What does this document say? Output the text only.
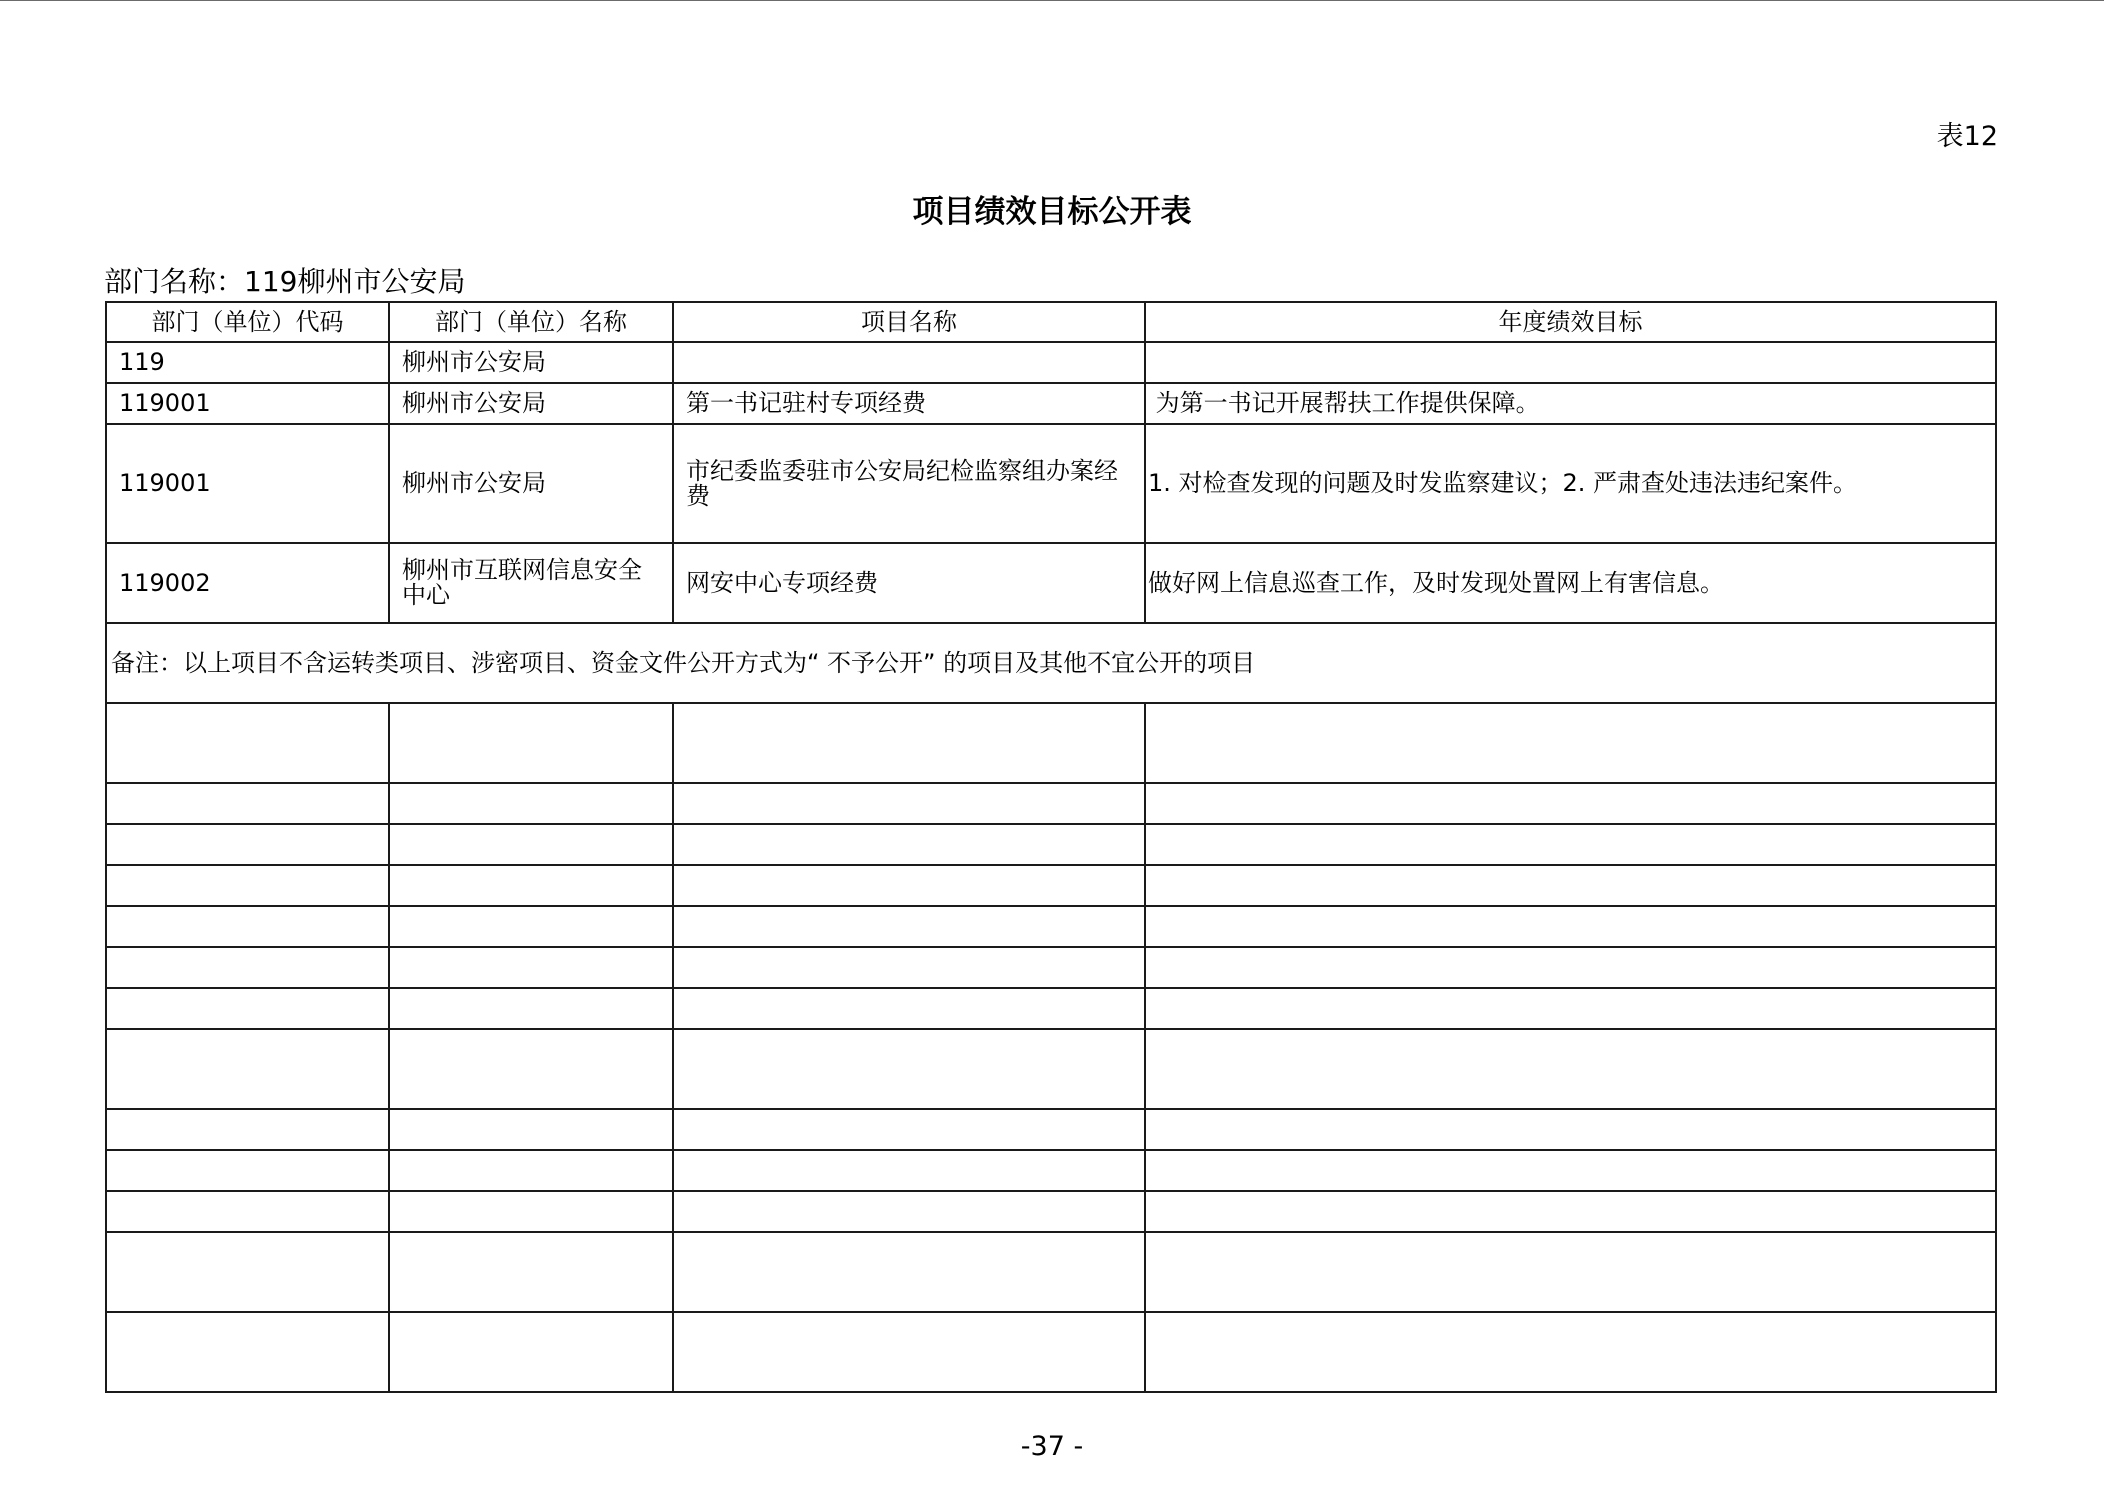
表12
项目绩效目标公开表
部门名称：119柳州市公安局
部门（单位）代码	部门（单位）名称	项目名称	年度绩效目标
119	柳州市公安局		
119001	柳州市公安局	第一书记驻村专项经费	为第一书记开展帮扶工作提供保障。
119001	柳州市公安局	市纪委监委驻市公安局纪检监察组办案经费	1. 对检查发现的问题及时发监察建议；2. 严肃查处违法违纪案件。
119002	柳州市互联网信息安全中心	网安中心专项经费	做好网上信息巡查工作，及时发现处置网上有害信息。
备注：以上项目不含运转类项目、涉密项目、资金文件公开方式为“ 不予公开” 的项目及其他不宜公开的项目			

-37 -
